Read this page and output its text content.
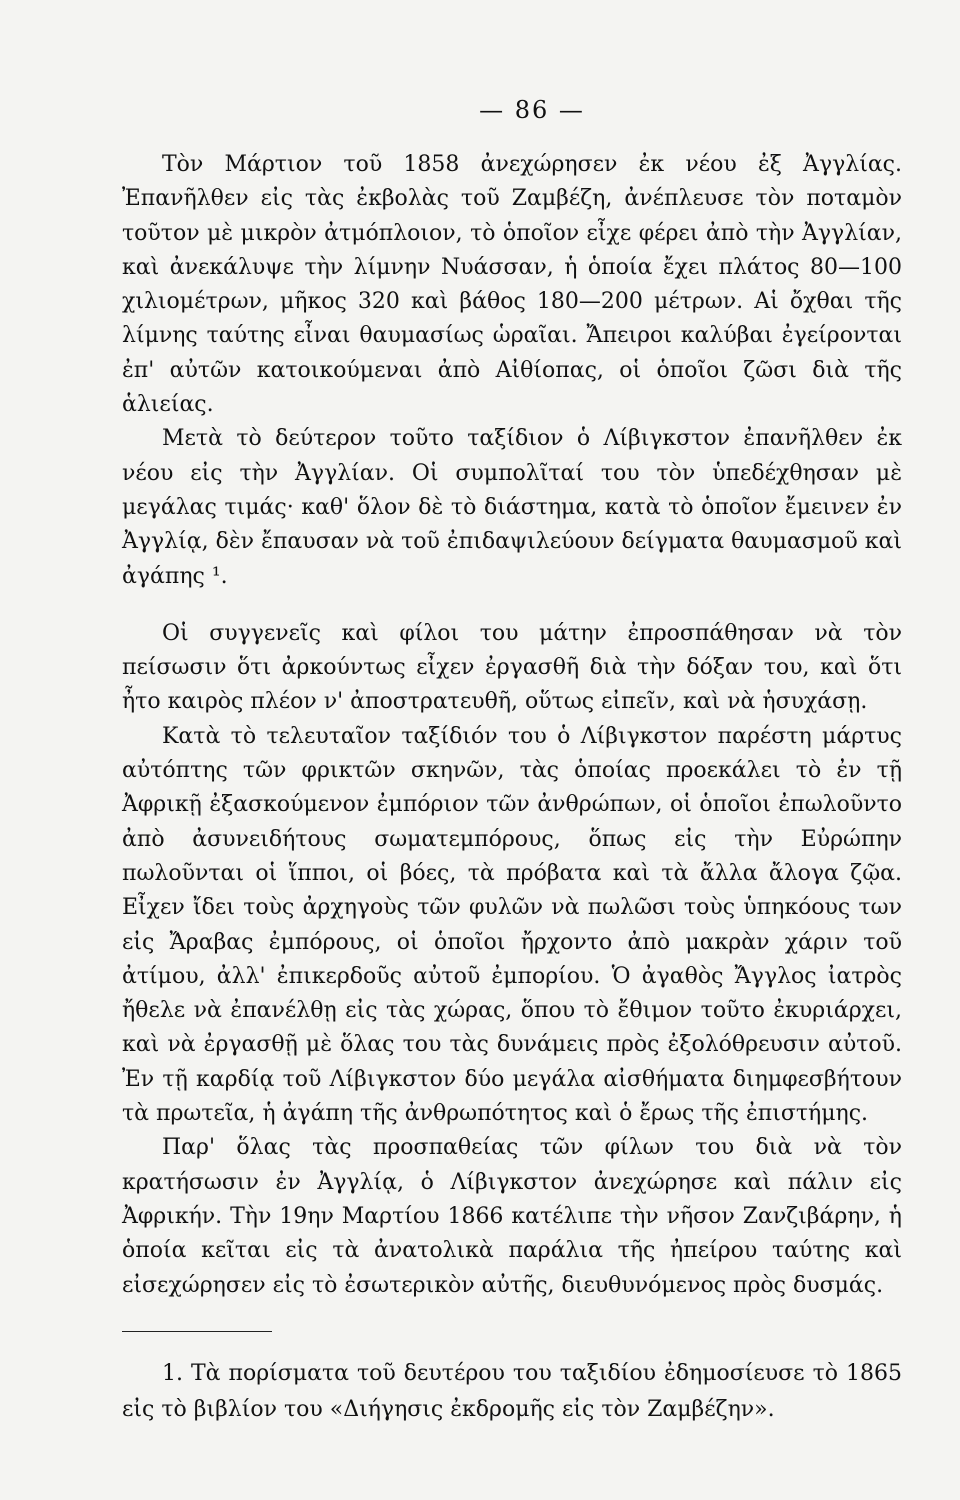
— 86 —

Τὸν Μάρτιον τοῦ 1858 ἀνεχώρησεν ἐκ νέου ἐξ Ἀγγλίας. Ἐπανῆλθεν εἰς τὰς ἐκβολὰς τοῦ Ζαμβέζη, ἀνέπλευσε τὸν ποταμὸν τοῦτον μὲ μικρὸν ἀτμόπλοιον, τὸ ὁποῖον εἶχε φέρει ἀπὸ τὴν Ἀγγλίαν, καὶ ἀνεκάλυψε τὴν λίμνην Νυάσσαν, ἡ ὁποία ἔχει πλάτος 80—100 χιλιομέτρων, μῆκος 320 καὶ βάθος 180—200 μέτρων. Αἱ ὄχθαι τῆς λίμνης ταύτης εἶναι θαυμασίως ὡραῖαι. Ἄπειροι καλύβαι ἐγείρονται ἐπ' αὐτῶν κατοικούμεναι ἀπὸ Αἰθίοπας, οἱ ὁποῖοι ζῶσι διὰ τῆς ἁλιείας.

Μετὰ τὸ δεύτερον τοῦτο ταξίδιον ὁ Λίβιγκστον ἐπανῆλθεν ἐκ νέου εἰς τὴν Ἀγγλίαν. Οἱ συμπολῖταί του τὸν ὑπεδέχθησαν μὲ μεγάλας τιμάς· καθ' ὅλον δὲ τὸ διάστημα, κατὰ τὸ ὁποῖον ἔμεινεν ἐν Ἀγγλίᾳ, δὲν ἔπαυσαν νὰ τοῦ ἐπιδαψιλεύουν δείγματα θαυμασμοῦ καὶ ἀγάπης ¹.

Οἱ συγγενεῖς καὶ φίλοι του μάτην ἐπροσπάθησαν νὰ τὸν πείσωσιν ὅτι ἀρκούντως εἶχεν ἐργασθῆ διὰ τὴν δόξαν του, καὶ ὅτι ἦτο καιρὸς πλέον ν' ἀποστρατευθῆ, οὕτως εἰπεῖν, καὶ νὰ ἡσυχάσῃ.

Κατὰ τὸ τελευταῖον ταξίδιόν του ὁ Λίβιγκστον παρέστη μάρτυς αὐτόπτης τῶν φρικτῶν σκηνῶν, τὰς ὁποίας προεκάλει τὸ ἐν τῇ Ἀφρικῇ ἐξασκούμενον ἐμπόριον τῶν ἀνθρώπων, οἱ ὁποῖοι ἐπωλοῦντο ἀπὸ ἀσυνειδήτους σωματεμπόρους, ὅπως εἰς τὴν Εὐρώπην πωλοῦνται οἱ ἵπποι, οἱ βόες, τὰ πρόβατα καὶ τὰ ἄλλα ἄλογα ζῷα. Εἶχεν ἴδει τοὺς ἀρχηγοὺς τῶν φυλῶν νὰ πωλῶσι τοὺς ὑπηκόους των εἰς Ἄραβας ἐμπόρους, οἱ ὁποῖοι ἤρχοντο ἀπὸ μακρὰν χάριν τοῦ ἀτίμου, ἀλλ' ἐπικερδοῦς αὐτοῦ ἐμπορίου. Ὁ ἀγαθὸς Ἄγγλος ἰατρὸς ἤθελε νὰ ἐπανέλθῃ εἰς τὰς χώρας, ὅπου τὸ ἔθιμον τοῦτο ἐκυριάρχει, καὶ νὰ ἐργασθῇ μὲ ὅλας του τὰς δυνάμεις πρὸς ἐξολόθρευσιν αὐτοῦ. Ἐν τῇ καρδίᾳ τοῦ Λίβιγκστον δύο μεγάλα αἰσθήματα διημφεσβήτουν τὰ πρωτεῖα, ἡ ἀγάπη τῆς ἀνθρωπότητος καὶ ὁ ἔρως τῆς ἐπιστήμης.

Παρ' ὅλας τὰς προσπαθείας τῶν φίλων του διὰ νὰ τὸν κρατήσωσιν ἐν Ἀγγλίᾳ, ὁ Λίβιγκστον ἀνεχώρησε καὶ πάλιν εἰς Ἀφρικήν. Τὴν 19ην Μαρτίου 1866 κατέλιπε τὴν νῆσον Ζανζιβάρην, ἡ ὁποία κεῖται εἰς τὰ ἀνατολικὰ παράλια τῆς ἠπείρου ταύτης καὶ εἰσεχώρησεν εἰς τὸ ἐσωτερικὸν αὐτῆς, διευθυνόμενος πρὸς δυσμάς.

1. Τὰ πορίσματα τοῦ δευτέρου του ταξιδίου ἐδημοσίευσε τὸ 1865 εἰς τὸ βιβλίον του «Διήγησις ἐκδρομῆς εἰς τὸν Ζαμβέζην».
